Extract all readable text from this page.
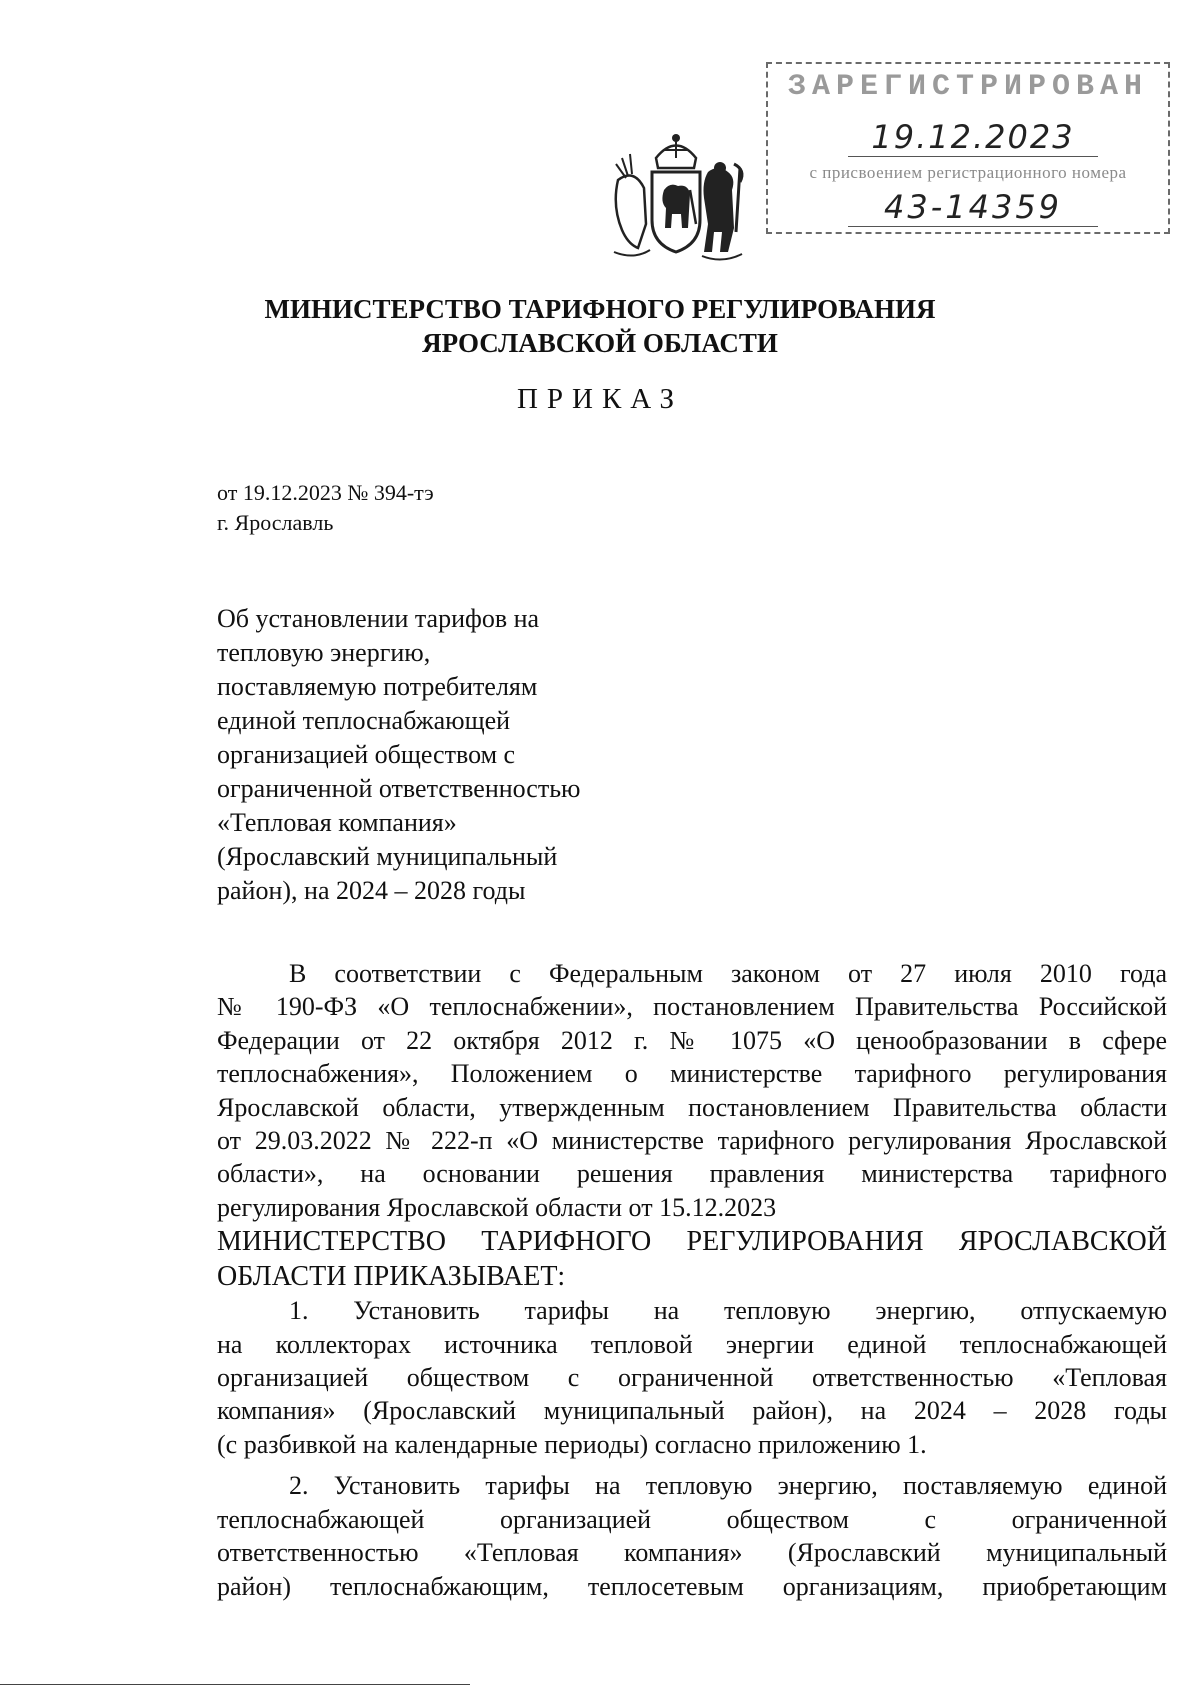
ЗАРЕГИСТРИРОВАН
19.12.2023
с присвоением регистрационного номера
43-14359
МИНИСТЕРСТВО ТАРИФНОГО РЕГУЛИРОВАНИЯ
ЯРОСЛАВСКОЙ ОБЛАСТИ
ПРИКАЗ
от 19.12.2023 № 394-тэ
г. Ярославль
Об установлении тарифов на
тепловую энергию,
поставляемую потребителям
единой теплоснабжающей
организацией обществом с
ограниченной ответственностью
«Тепловая компания»
(Ярославский муниципальный
район), на 2024 – 2028 годы
В соответствии с Федеральным законом от 27 июля 2010 года
№ 190-ФЗ «О теплоснабжении», постановлением Правительства Российской
Федерации от 22 октября 2012 г. № 1075 «О ценообразовании в сфере
теплоснабжения», Положением о министерстве тарифного регулирования
Ярославской области, утвержденным постановлением Правительства области
от 29.03.2022 № 222-п «О министерстве тарифного регулирования Ярославской
области», на основании решения правления министерства тарифного
регулирования Ярославской области от 15.12.2023
МИНИСТЕРСТВО ТАРИФНОГО РЕГУЛИРОВАНИЯ ЯРОСЛАВСКОЙ
ОБЛАСТИ ПРИКАЗЫВАЕТ:
1. Установить тарифы на тепловую энергию, отпускаемую
на коллекторах источника тепловой энергии единой теплоснабжающей
организацией обществом с ограниченной ответственностью «Тепловая
компания» (Ярославский муниципальный район), на 2024 – 2028 годы
(с разбивкой на календарные периоды) согласно приложению 1.
2. Установить тарифы на тепловую энергию, поставляемую единой
теплоснабжающей организацией обществом с ограниченной
ответственностью «Тепловая компания» (Ярославский муниципальный
район) теплоснабжающим, теплосетевым организациям, приобретающим
